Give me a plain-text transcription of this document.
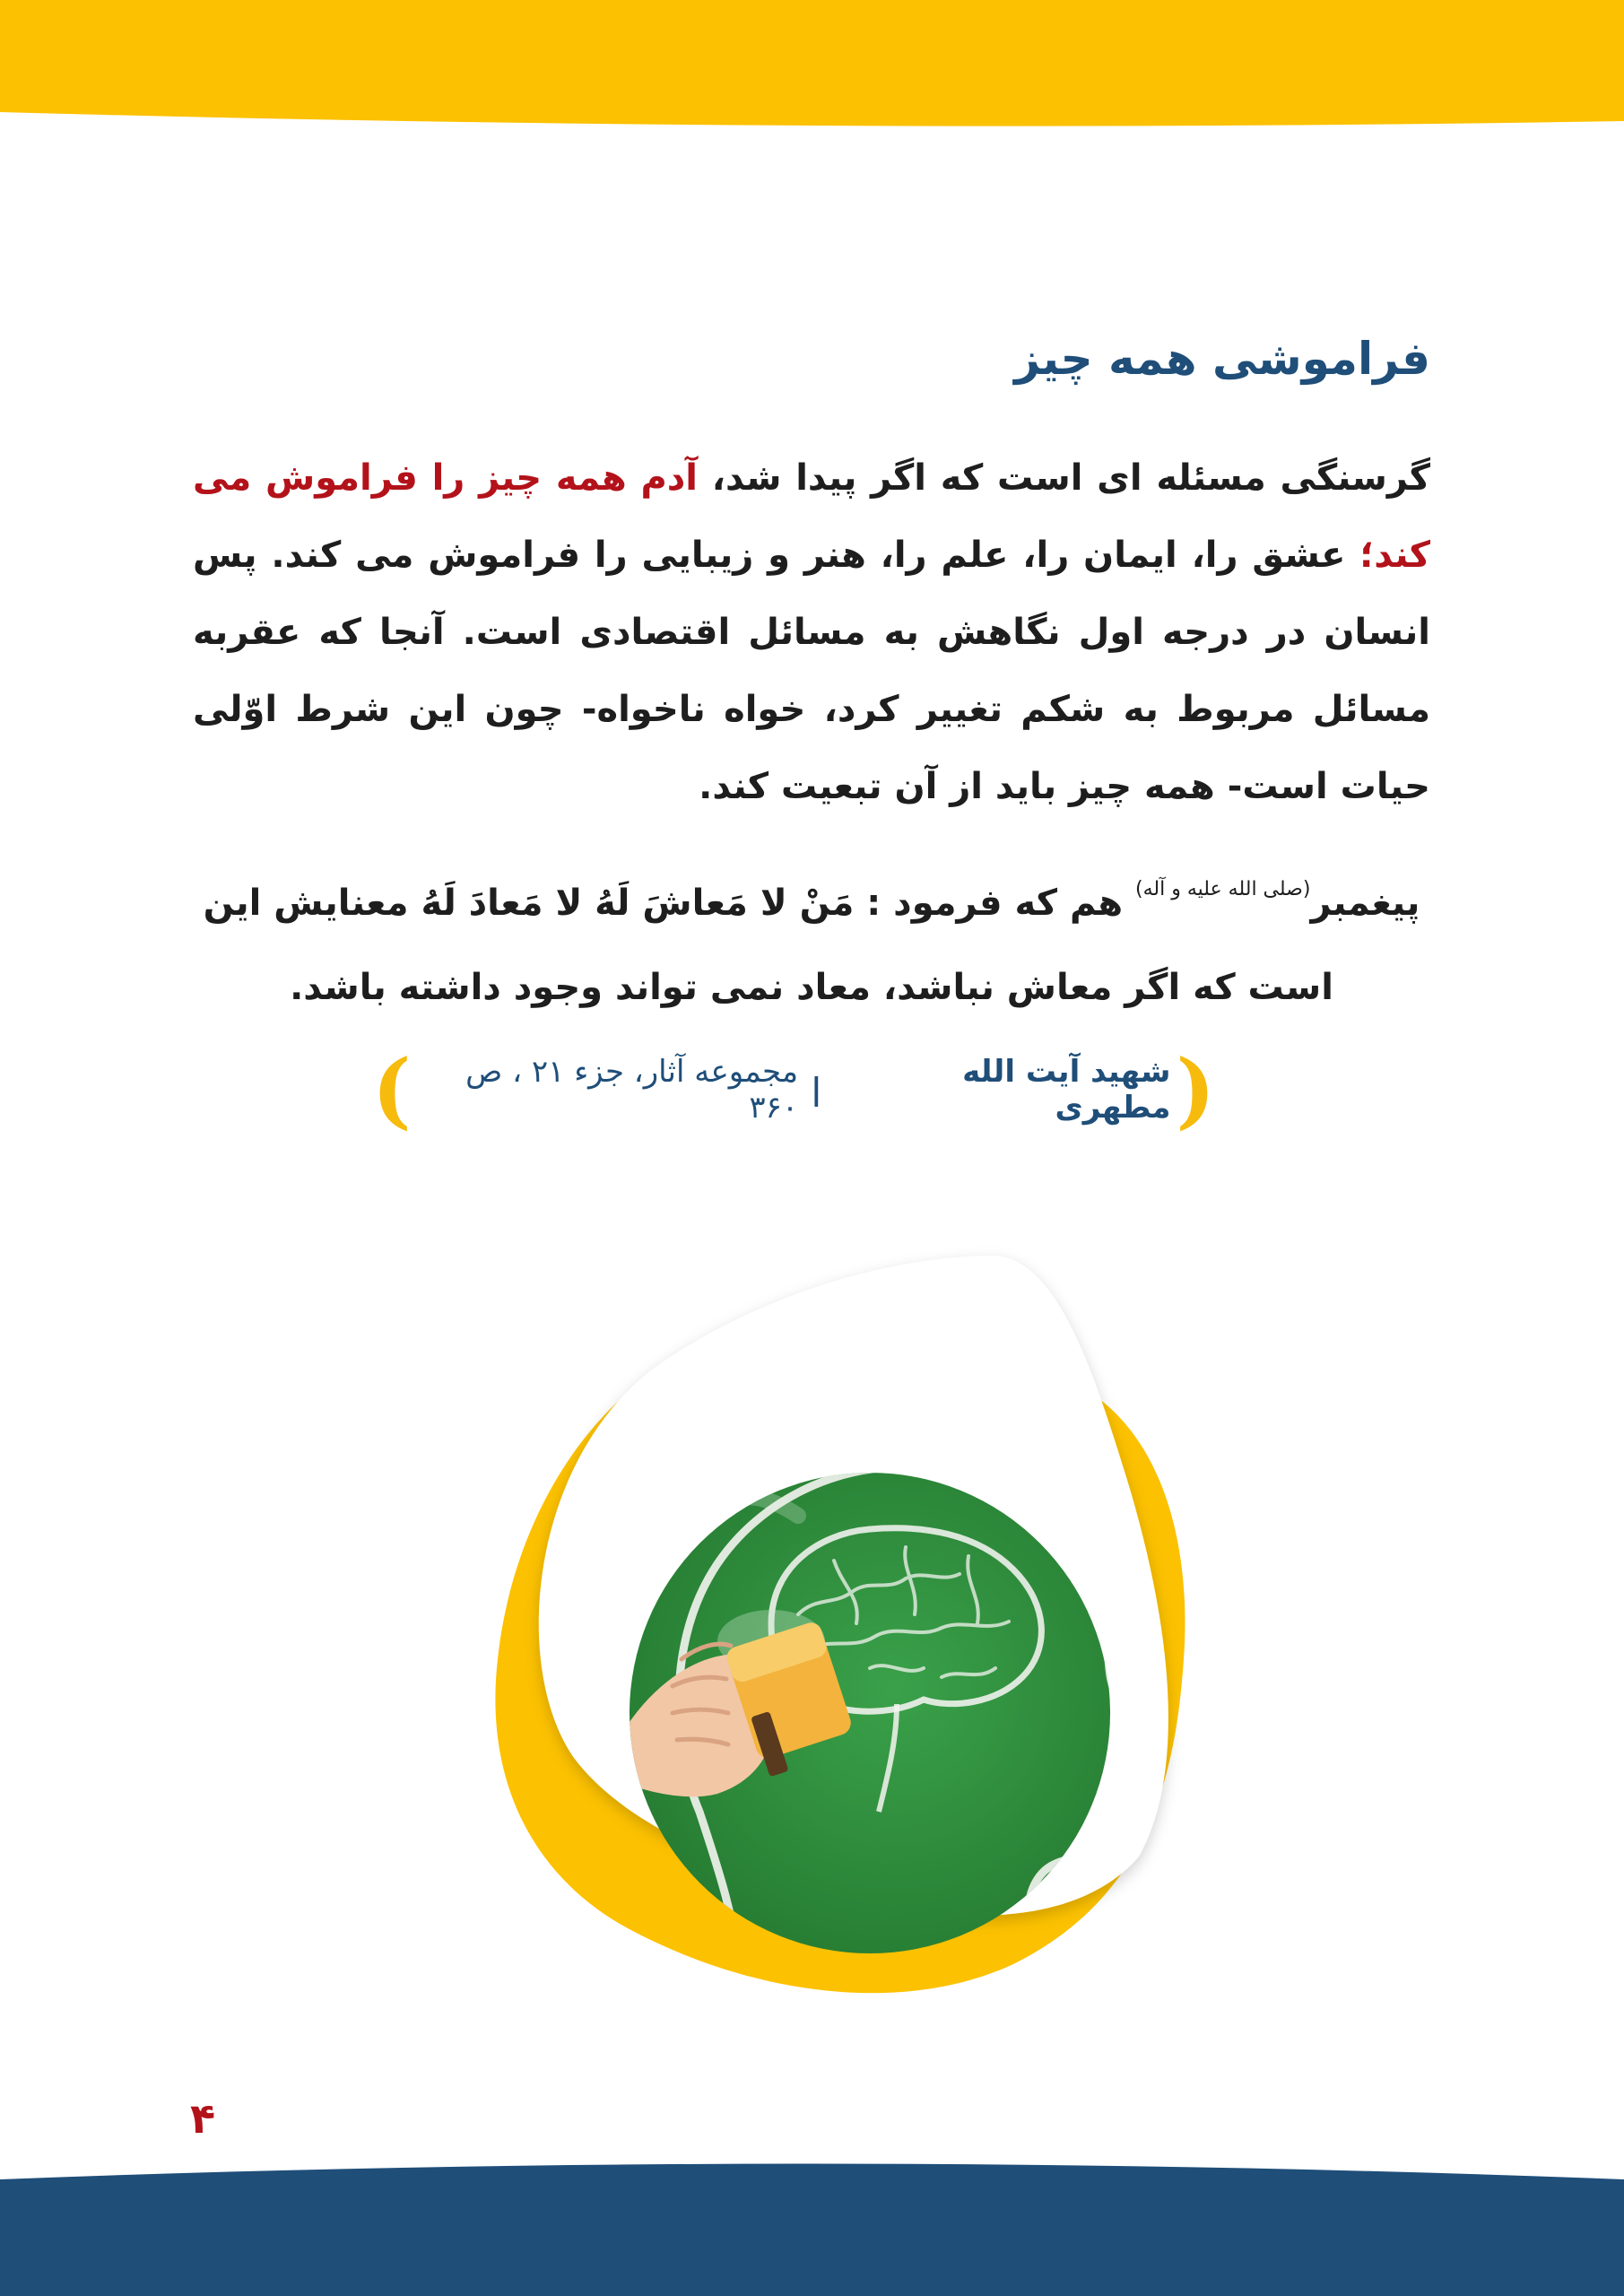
فراموشی همه چیز

گرسنگی مسئله ای است که اگر پیدا شد، آدم همه چیز را فراموش می کند؛ عشق را، ایمان را، علم را، هنر و زیبایی را فراموش می کند. پس انسان در درجه اول نگاهش به مسائل اقتصادی است. آنجا که عقربه مسائل مربوط به شکم تغییر کرد، خواه ناخواه- چون این شرط اوّلی حیات است- همه چیز باید از آن تبعیت کند.

پیغمبر$^{(صلی الله علیه و آله)}$ هم که فرمود : مَنْ لا مَعاشَ لَهُ لا مَعادَ لَهُ معنایش این است که اگر معاش نباشد، معاد نمی تواند وجود داشته باشد.

(
شهید آیت الله مطهری
|
مجموعه آثار، جزء ۲۱ ، ص ۳۶۰
)
۴
